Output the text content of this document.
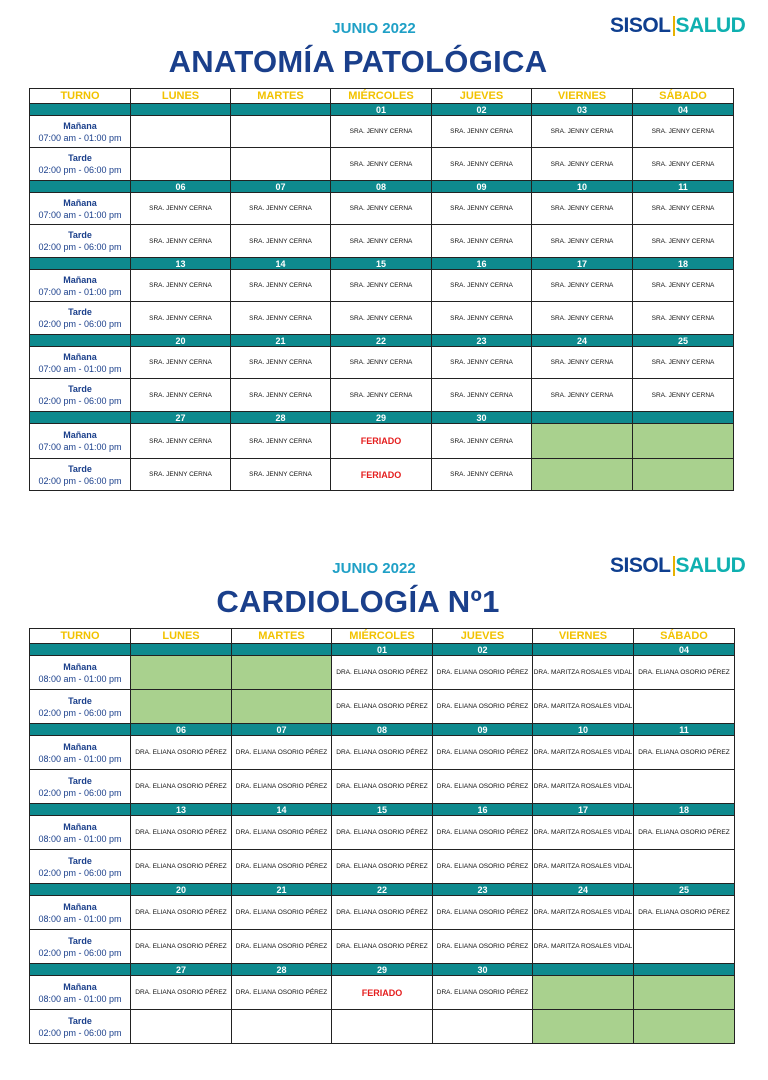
JUNIO 2022	SISOL SALUD
ANATOMÍA PATOLÓGICA
TURNO	LUNES	MARTES	MIÉRCOLES	JUEVES	VIERNES	SÁBADO
			01	02	03	04

Mañana
07:00 am - 01:00 pm			SRA. JENNY CERNA	SRA. JENNY CERNA	SRA. JENNY CERNA	SRA. JENNY CERNA

Tarde
02:00 pm - 06:00 pm			SRA. JENNY CERNA	SRA. JENNY CERNA	SRA. JENNY CERNA	SRA. JENNY CERNA
	06	07	08	09	10	11

Mañana
07:00 am - 01:00 pm	SRA. JENNY CERNA	SRA. JENNY CERNA	SRA. JENNY CERNA	SRA. JENNY CERNA	SRA. JENNY CERNA	SRA. JENNY CERNA

Tarde
02:00 pm - 06:00 pm	SRA. JENNY CERNA	SRA. JENNY CERNA	SRA. JENNY CERNA	SRA. JENNY CERNA	SRA. JENNY CERNA	SRA. JENNY CERNA
	13	14	15	16	17	18

Mañana
07:00 am - 01:00 pm	SRA. JENNY CERNA	SRA. JENNY CERNA	SRA. JENNY CERNA	SRA. JENNY CERNA	SRA. JENNY CERNA	SRA. JENNY CERNA

Tarde
02:00 pm - 06:00 pm	SRA. JENNY CERNA	SRA. JENNY CERNA	SRA. JENNY CERNA	SRA. JENNY CERNA	SRA. JENNY CERNA	SRA. JENNY CERNA
	20	21	22	23	24	25

Mañana
07:00 am - 01:00 pm	SRA. JENNY CERNA	SRA. JENNY CERNA	SRA. JENNY CERNA	SRA. JENNY CERNA	SRA. JENNY CERNA	SRA. JENNY CERNA

Tarde
02:00 pm - 06:00 pm	SRA. JENNY CERNA	SRA. JENNY CERNA	SRA. JENNY CERNA	SRA. JENNY CERNA	SRA. JENNY CERNA	SRA. JENNY CERNA
	27	28	29	30		

Mañana
07:00 am - 01:00 pm	SRA. JENNY CERNA	SRA. JENNY CERNA	FERIADO	SRA. JENNY CERNA		

Tarde
02:00 pm - 06:00 pm	SRA. JENNY CERNA	SRA. JENNY CERNA	FERIADO	SRA. JENNY CERNA		
JUNIO 2022	SISOL SALUD
CARDIOLOGÍA Nº1
TURNO	LUNES	MARTES	MIÉRCOLES	JUEVES	VIERNES	SÁBADO
			01	02		04

Mañana
08:00 am - 01:00 pm			DRA. ELIANA OSORIO PÉREZ	DRA. ELIANA OSORIO PÉREZ	DRA. MARITZA ROSALES VIDAL	DRA. ELIANA OSORIO PÉREZ

Tarde
02:00 pm - 06:00 pm			DRA. ELIANA OSORIO PÉREZ	DRA. ELIANA OSORIO PÉREZ	DRA. MARITZA ROSALES VIDAL	
	06	07	08	09	10	11

Mañana
08:00 am - 01:00 pm	DRA. ELIANA OSORIO PÉREZ	DRA. ELIANA OSORIO PÉREZ	DRA. ELIANA OSORIO PÉREZ	DRA. ELIANA OSORIO PÉREZ	DRA. MARITZA ROSALES VIDAL	DRA. ELIANA OSORIO PÉREZ

Tarde
02:00 pm - 06:00 pm	DRA. ELIANA OSORIO PÉREZ	DRA. ELIANA OSORIO PÉREZ	DRA. ELIANA OSORIO PÉREZ	DRA. ELIANA OSORIO PÉREZ	DRA. MARITZA ROSALES VIDAL	
	13	14	15	16	17	18

Mañana
08:00 am - 01:00 pm	DRA. ELIANA OSORIO PÉREZ	DRA. ELIANA OSORIO PÉREZ	DRA. ELIANA OSORIO PÉREZ	DRA. ELIANA OSORIO PÉREZ	DRA. MARITZA ROSALES VIDAL	DRA. ELIANA OSORIO PÉREZ

Tarde
02:00 pm - 06:00 pm	DRA. ELIANA OSORIO PÉREZ	DRA. ELIANA OSORIO PÉREZ	DRA. ELIANA OSORIO PÉREZ	DRA. ELIANA OSORIO PÉREZ	DRA. MARITZA ROSALES VIDAL	
	20	21	22	23	24	25

Mañana
08:00 am - 01:00 pm	DRA. ELIANA OSORIO PÉREZ	DRA. ELIANA OSORIO PÉREZ	DRA. ELIANA OSORIO PÉREZ	DRA. ELIANA OSORIO PÉREZ	DRA. MARITZA ROSALES VIDAL	DRA. ELIANA OSORIO PÉREZ

Tarde
02:00 pm - 06:00 pm	DRA. ELIANA OSORIO PÉREZ	DRA. ELIANA OSORIO PÉREZ	DRA. ELIANA OSORIO PÉREZ	DRA. ELIANA OSORIO PÉREZ	DRA. MARITZA ROSALES VIDAL	
	27	28	29	30		

Mañana
08:00 am - 01:00 pm	DRA. ELIANA OSORIO PÉREZ	DRA. ELIANA OSORIO PÉREZ	FERIADO	DRA. ELIANA OSORIO PÉREZ		

Tarde
02:00 pm - 06:00 pm						
